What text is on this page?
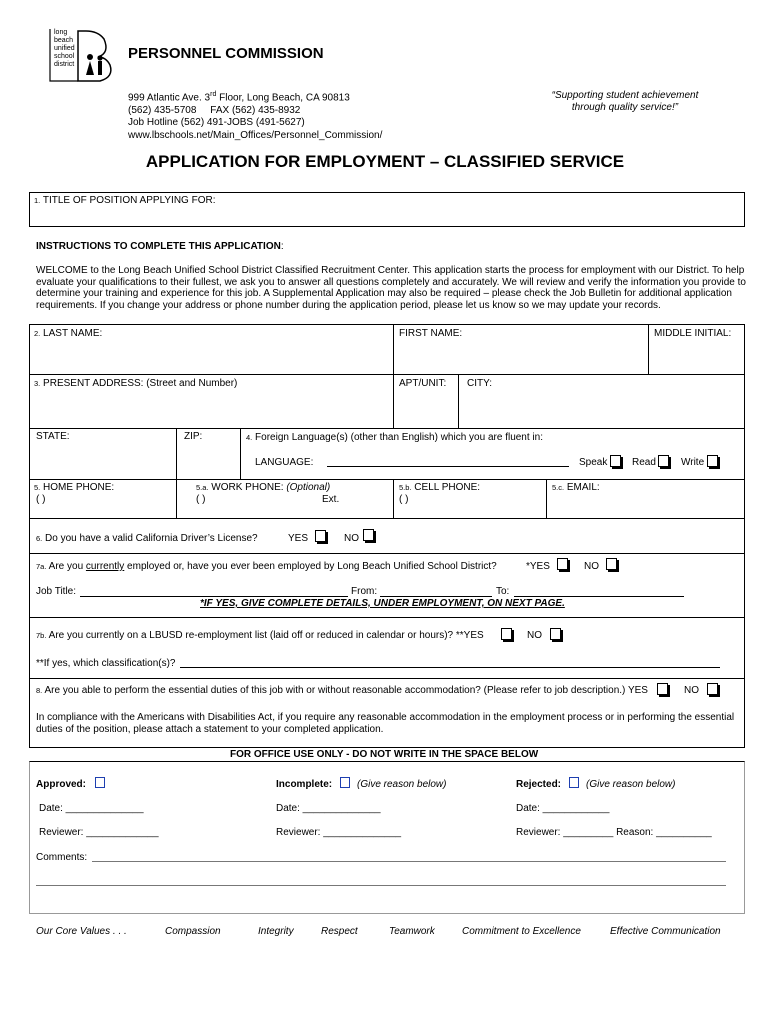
long
beach
unified
school
district
PERSONNEL COMMISSION
999 Atlantic Ave. 3rd Floor, Long Beach, CA 90813
(562) 435-5708 FAX (562) 435-8932
Job Hotline (562) 491-JOBS (491-5627)
www.lbschools.net/Main_Offices/Personnel_Commission/
“Supporting student achievement
through quality service!”
APPLICATION FOR EMPLOYMENT – CLASSIFIED SERVICE
1. TITLE OF POSITION APPLYING FOR:
INSTRUCTIONS TO COMPLETE THIS APPLICATION:
WELCOME to the Long Beach Unified School District Classified Recruitment Center. This application starts the process for employment with our District. To help evaluate your qualifications to their fullest, we ask you to answer all questions completely and accurately. We will review and verify the information you provide to determine your training and experience for this job. A Supplemental Application may also be required – please check the Job Bulletin for additional application requirements. If you change your address or phone number during the application period, please let us know so we may update your records.
2. LAST NAME:	FIRST NAME:	MIDDLE INITIAL:
3. PRESENT ADDRESS: (Street and Number)	APT/UNIT: CITY:
STATE:	ZIP:	4. Foreign Language(s) (other than English) which you are fluent in:
LANGUAGE:	Speak Read	Write
5. HOME PHONE:
( )
5.a. WORK PHONE: (Optional)
( )	Ext.
5.b. CELL PHONE:
( )
5.c. EMAIL:
6. Do you have a valid California Driver’s License?	YES	NO
7a. Are you currently employed or, have you ever been employed by Long Beach Unified School District?	*YES	NO
Job Title:	From:	To:
*IF YES, GIVE COMPLETE DETAILS, UNDER EMPLOYMENT, ON NEXT PAGE.
7b. Are you currently on a LBUSD re-employment list (laid off or reduced in calendar or hours)? **YES	NO
**If yes, which classification(s)?
8. Are you able to perform the essential duties of this job with or without reasonable accommodation? (Please refer to job description.) YES	NO
In compliance with the Americans with Disabilities Act, if you require any reasonable accommodation in the employment process or in performing the essential duties of the position, please attach a statement to your completed application.
FOR OFFICE USE ONLY - DO NOT WRITE IN THE SPACE BELOW
Approved:	Incomplete: (Give reason below)	Rejected: (Give reason below)
Date: ______________	Date: ______________	Date: ____________
Reviewer: _____________	Reviewer: ______________	Reviewer: _________ Reason: __________
Comments:
Our Core Values . . .	Compassion	Integrity	Respect	Teamwork	Commitment to Excellence	Effective Communication
